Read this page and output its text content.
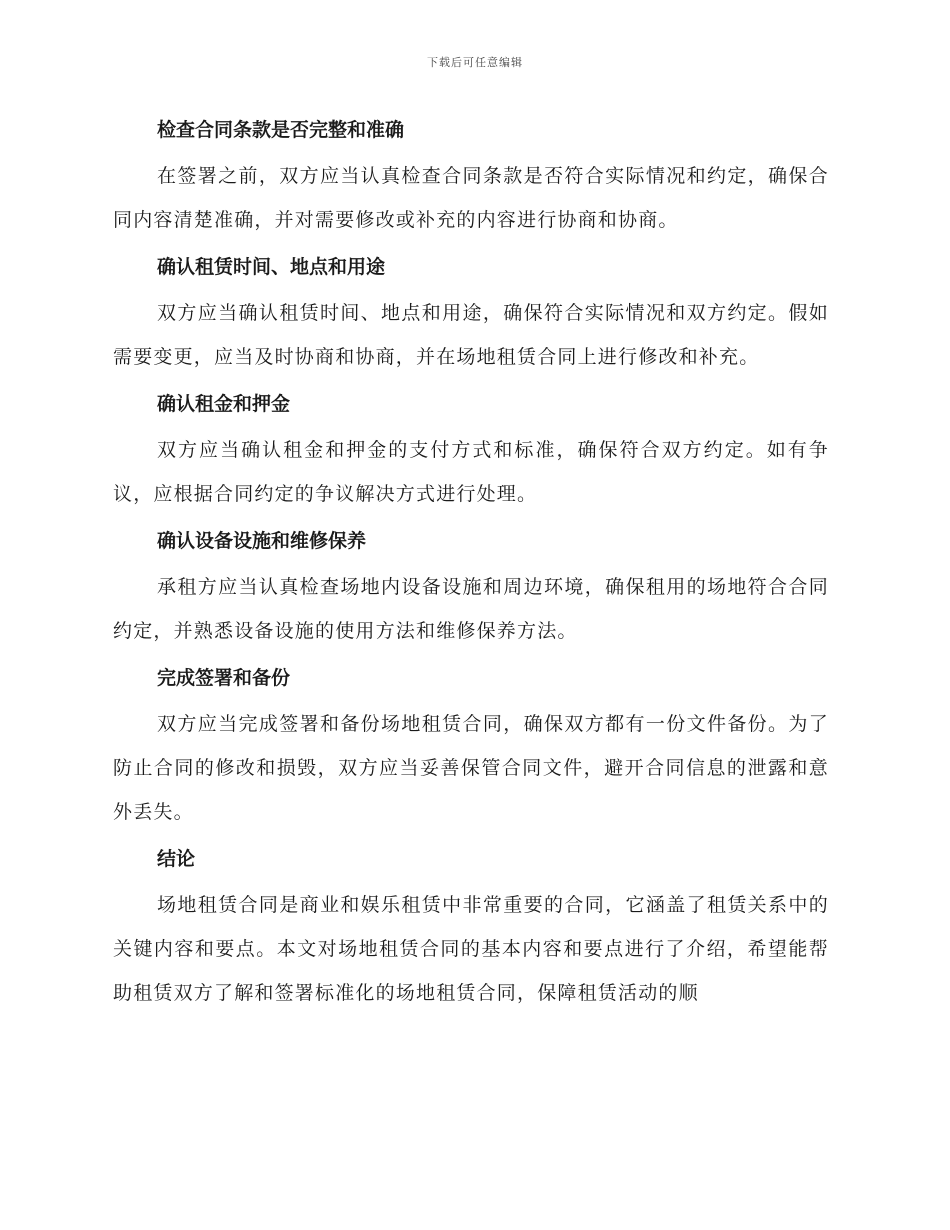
下载后可任意编辑
检查合同条款是否完整和准确

在签署之前，双方应当认真检查合同条款是否符合实际情况和约定，确保合同内容清楚准确，并对需要修改或补充的内容进行协商和协商。

确认租赁时间、地点和用途

双方应当确认租赁时间、地点和用途，确保符合实际情况和双方约定。假如需要变更，应当及时协商和协商，并在场地租赁合同上进行修改和补充。

确认租金和押金

双方应当确认租金和押金的支付方式和标准，确保符合双方约定。如有争议，应根据合同约定的争议解决方式进行处理。

确认设备设施和维修保养

承租方应当认真检查场地内设备设施和周边环境，确保租用的场地符合合同约定，并熟悉设备设施的使用方法和维修保养方法。

完成签署和备份

双方应当完成签署和备份场地租赁合同，确保双方都有一份文件备份。为了防止合同的修改和损毁，双方应当妥善保管合同文件，避开合同信息的泄露和意外丢失。

结论

场地租赁合同是商业和娱乐租赁中非常重要的合同，它涵盖了租赁关系中的关键内容和要点。本文对场地租赁合同的基本内容和要点进行了介绍，希望能帮助租赁双方了解和签署标准化的场地租赁合同，保障租赁活动的顺
